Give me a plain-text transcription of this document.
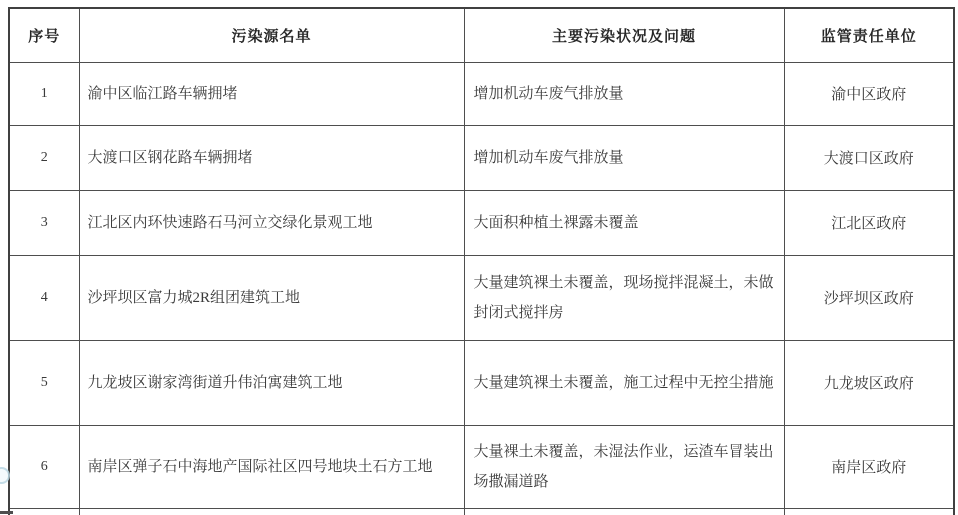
序号	污染源名单	主要污染状况及问题	监管责任单位
1	渝中区临江路车辆拥堵	增加机动车废气排放量	渝中区政府
2	大渡口区钢花路车辆拥堵	增加机动车废气排放量	大渡口区政府
3	江北区内环快速路石马河立交绿化景观工地	大面积种植土裸露未覆盖	江北区政府
4	沙坪坝区富力城2R组团建筑工地	大量建筑裸土未覆盖，现场搅拌混凝土，未做封闭式搅拌房	沙坪坝区政府
5	九龙坡区谢家湾街道升伟泊寓建筑工地	大量建筑裸土未覆盖，施工过程中无控尘措施	九龙坡区政府
6	南岸区弹子石中海地产国际社区四号地块土石方工地	大量裸土未覆盖，未湿法作业，运渣车冒装出场撒漏道路	南岸区政府
